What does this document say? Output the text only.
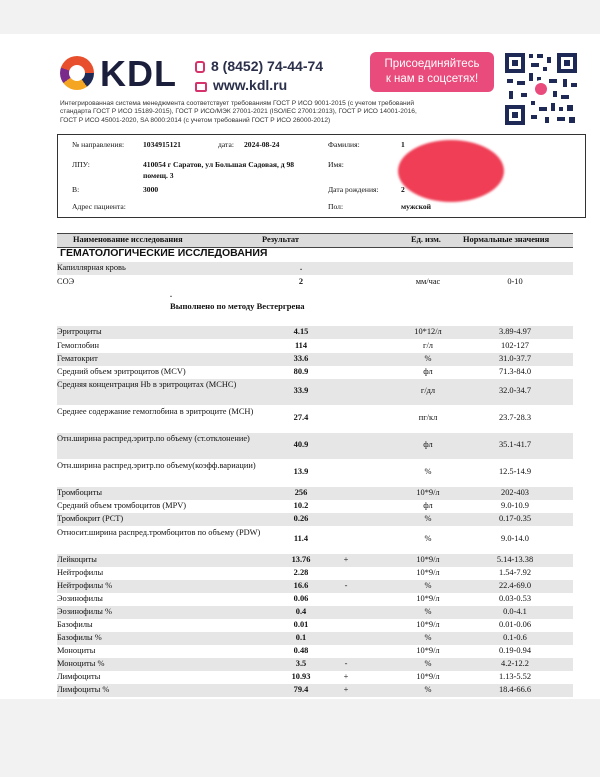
KDL	8 (8452) 74-44-74
www.kdl.ru
Присоединяйтесь
к нам в соцсетях!
Интегрированная система менеджмента соответствует требованиям ГОСТ Р ИСО 9001-2015 (с учетом требований
стандарта ГОСТ Р ИСО 15189-2015), ГОСТ Р ИСО/МЭК 27001-2021 (ISO/IEC 27001:2013), ГОСТ Р ИСО 14001-2016,
ГОСТ Р ИСО 45001-2020, SA 8000:2014 (с учетом требований ГОСТ Р ИСО 26000-2012)
№ направления: 1034915121	дата: 2024-08-24	Фамилия:	1
ЛПУ:	410054 г Саратов, ул Большая Садовая, д 98
помещ. 3
Имя:
В:	3000	Дата рождения:	2
Адрес пациента:	Пол:	мужской
Наименование исследования	Результат	Ед. изм.	Нормальные значения
ГЕМАТОЛОГИЧЕСКИЕ ИССЛЕДОВАНИЯ
Капиллярная кровь	.
СОЭ	2	мм/час	0-10
.
Выполнено по методу Вестергрена
Эритроциты	4.15	10*12/л	3.89-4.97
Гемоглобин	114	г/л	102-127
Гематокрит	33.6	%	31.0-37.7
Средний объем эритроцитов (MCV)	80.9	фл	71.3-84.0
Средняя концентрация Hb в эритроцитах (MCHC)
33.9	г/дл	32.0-34.7
Среднее содержание гемоглобина в эритроците (MCH)
27.4	пг/кл	23.7-28.3
Отн.ширина распред.эритр.по объему (ст.отклонение)
40.9	фл	35.1-41.7
Отн.ширина распред.эритр.по объему(коэфф.вариации)
13.9	%	12.5-14.9
Тромбоциты	256	10*9/л	202-403
Средний объем тромбоцитов (MPV)	10.2	фл	9.0-10.9
Тромбокрит (PCT)	0.26	%	0.17-0.35
Относит.ширина распред.тромбоцитов по объему (PDW)
11.4	%	9.0-14.0
Лейкоциты	13.76	+	10*9/л	5.14-13.38
Нейтрофилы	2.28	10*9/л	1.54-7.92
Нейтрофилы %	16.6	-	%	22.4-69.0
Эозинофилы	0.06	10*9/л	0.03-0.53
Эозинофилы %	0.4	%	0.0-4.1
Базофилы	0.01	10*9/л	0.01-0.06
Базофилы %	0.1	%	0.1-0.6
Моноциты	0.48	10*9/л	0.19-0.94
Моноциты %	3.5	-	%	4.2-12.2
Лимфоциты	10.93	+	10*9/л	1.13-5.52
Лимфоциты %	79.4	+	%	18.4-66.6
